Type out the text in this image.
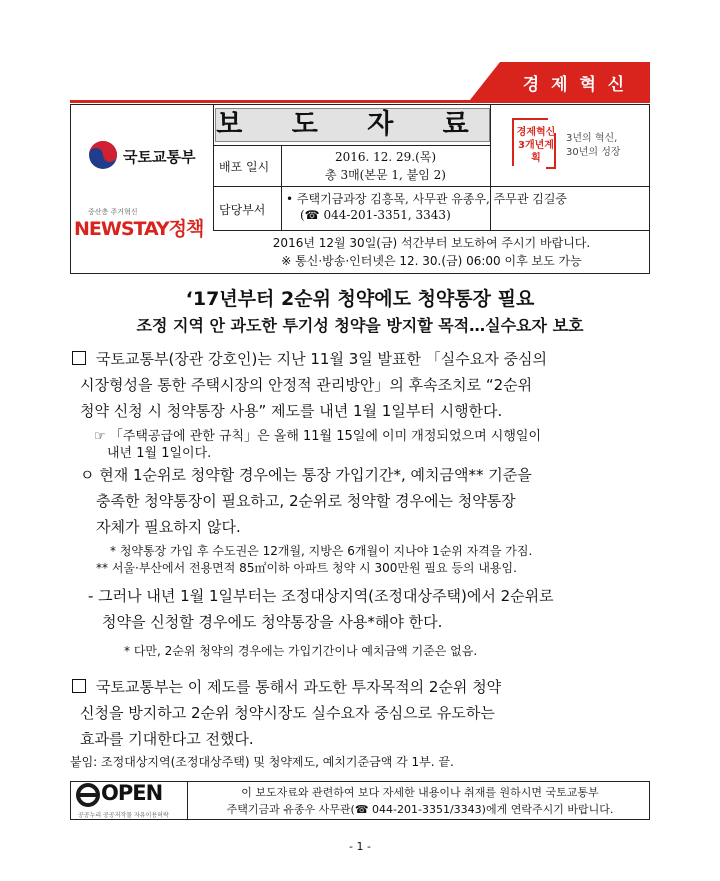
경 제 혁 신
국토교통부
중산층 주거혁신
NEWSTAY정책
보 도 자 료
배포 일시
2016. 12. 29.(목)
총 3매(본문 1, 붙임 2)
담당부서
• 주택기금과장 김흥목, 사무관 유종우, 주무관 김길중
(☎ 044-201-3351, 3343)
경제혁신 3개년계획
3년의 혁신,
30년의 성장
2016년 12월 30일(금) 석간부터 보도하여 주시기 바랍니다.
※ 통신·방송·인터넷은 12. 30.(금) 06:00 이후 보도 가능
‘17년부터 2순위 청약에도 청약통장 필요
조정 지역 안 과도한 투기성 청약을 방지할 목적…실수요자 보호
국토교통부(장관 강호인)는 지난 11월 3일 발표한 「실수요자 중심의
시장형성을 통한 주택시장의 안정적 관리방안」의 후속조치로 “2순위
청약 신청 시 청약통장 사용” 제도를 내년 1월 1일부터 시행한다.
☞ 「주택공급에 관한 규칙」은 올해 11월 15일에 이미 개정되었으며 시행일이
내년 1월 1일이다.
ㅇ 현재 1순위로 청약할 경우에는 통장 가입기간*, 예치금액** 기준을
충족한 청약통장이 필요하고, 2순위로 청약할 경우에는 청약통장
자체가 필요하지 않다.
* 청약통장 가입 후 수도권은 12개월, 지방은 6개월이 지나야 1순위 자격을 가짐.
** 서울·부산에서 전용면적 85㎡이하 아파트 청약 시 300만원 필요 등의 내용임.
- 그러나 내년 1월 1일부터는 조정대상지역(조정대상주택)에서 2순위로
청약을 신청할 경우에도 청약통장을 사용*해야 한다.
* 다만, 2순위 청약의 경우에는 가입기간이나 예치금액 기준은 없음.
국토교통부는 이 제도를 통해서 과도한 투자목적의 2순위 청약
신청을 방지하고 2순위 청약시장도 실수요자 중심으로 유도하는
효과를 기대한다고 전했다.
붙임: 조정대상지역(조정대상주택) 및 청약제도, 예치기준금액 각 1부. 끝.
OPEN
공공누리 공공저작물 자유이용허락
이 보도자료와 관련하여 보다 자세한 내용이나 취재를 원하시면 국토교통부
주택기금과 유종우 사무관(☎ 044-201-3351/3343)에게 연락주시기 바랍니다.
- 1 -
